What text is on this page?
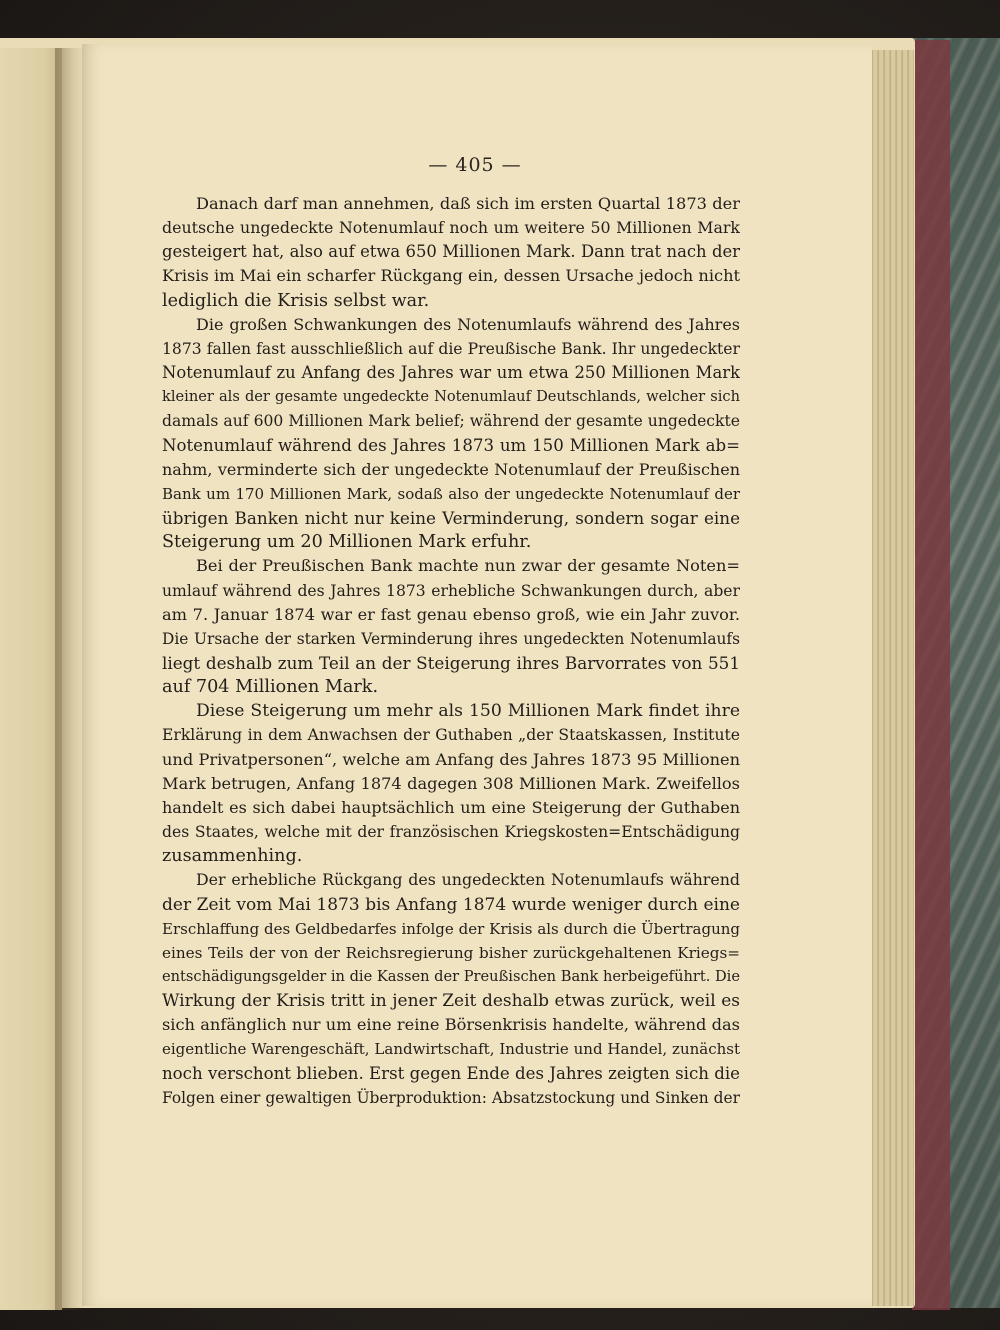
— 405 —

Danach darf man annehmen, daß sich im ersten Quartal 1873 der
deutsche ungedeckte Notenumlauf noch um weitere 50 Millionen Mark
gesteigert hat, also auf etwa 650 Millionen Mark. Dann trat nach der
Krisis im Mai ein scharfer Rückgang ein, dessen Ursache jedoch nicht
lediglich die Krisis selbst war.

Die großen Schwankungen des Notenumlaufs während des Jahres
1873 fallen fast ausschließlich auf die Preußische Bank. Ihr ungedeckter
Notenumlauf zu Anfang des Jahres war um etwa 250 Millionen Mark
kleiner als der gesamte ungedeckte Notenumlauf Deutschlands, welcher sich
damals auf 600 Millionen Mark belief; während der gesamte ungedeckte
Notenumlauf während des Jahres 1873 um 150 Millionen Mark ab=
nahm, verminderte sich der ungedeckte Notenumlauf der Preußischen
Bank um 170 Millionen Mark, sodaß also der ungedeckte Notenumlauf der
übrigen Banken nicht nur keine Verminderung, sondern sogar eine
Steigerung um 20 Millionen Mark erfuhr.

Bei der Preußischen Bank machte nun zwar der gesamte Noten=
umlauf während des Jahres 1873 erhebliche Schwankungen durch, aber
am 7. Januar 1874 war er fast genau ebenso groß, wie ein Jahr zuvor.
Die Ursache der starken Verminderung ihres ungedeckten Notenumlaufs
liegt deshalb zum Teil an der Steigerung ihres Barvorrates von 551
auf 704 Millionen Mark.

Diese Steigerung um mehr als 150 Millionen Mark findet ihre
Erklärung in dem Anwachsen der Guthaben „der Staatskassen, Institute
und Privatpersonen“, welche am Anfang des Jahres 1873 95 Millionen
Mark betrugen, Anfang 1874 dagegen 308 Millionen Mark. Zweifellos
handelt es sich dabei hauptsächlich um eine Steigerung der Guthaben
des Staates, welche mit der französischen Kriegskosten=Entschädigung
zusammenhing.

Der erhebliche Rückgang des ungedeckten Notenumlaufs während
der Zeit vom Mai 1873 bis Anfang 1874 wurde weniger durch eine
Erschlaffung des Geldbedarfes infolge der Krisis als durch die Übertragung
eines Teils der von der Reichsregierung bisher zurückgehaltenen Kriegs=
entschädigungsgelder in die Kassen der Preußischen Bank herbeigeführt. Die
Wirkung der Krisis tritt in jener Zeit deshalb etwas zurück, weil es
sich anfänglich nur um eine reine Börsenkrisis handelte, während das
eigentliche Warengeschäft, Landwirtschaft, Industrie und Handel, zunächst
noch verschont blieben. Erst gegen Ende des Jahres zeigten sich die
Folgen einer gewaltigen Überproduktion: Absatzstockung und Sinken der
